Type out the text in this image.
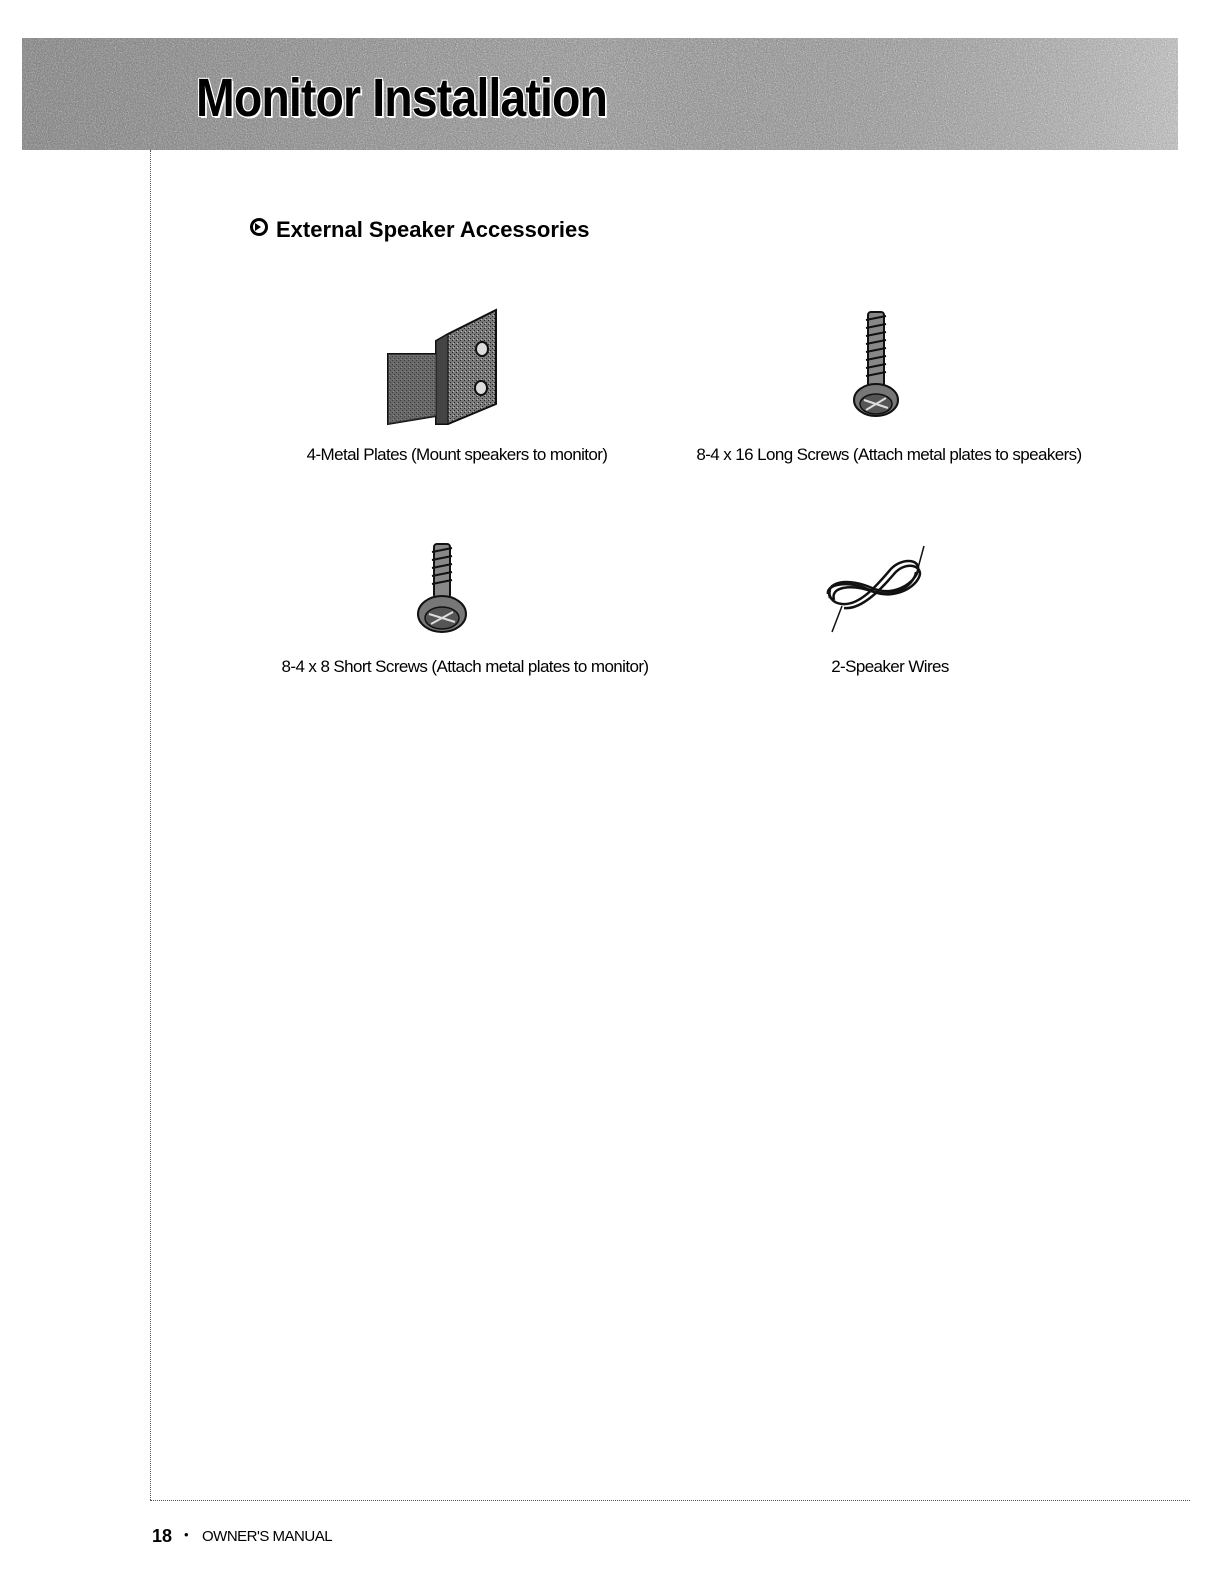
Monitor Installation
External Speaker Accessories
4-Metal Plates (Mount speakers to monitor)	8-4 x 16 Long Screws (Attach metal plates to speakers)
8-4 x 8 Short Screws (Attach metal plates to monitor)	2-Speaker Wires
18 • OWNER'S MANUAL
